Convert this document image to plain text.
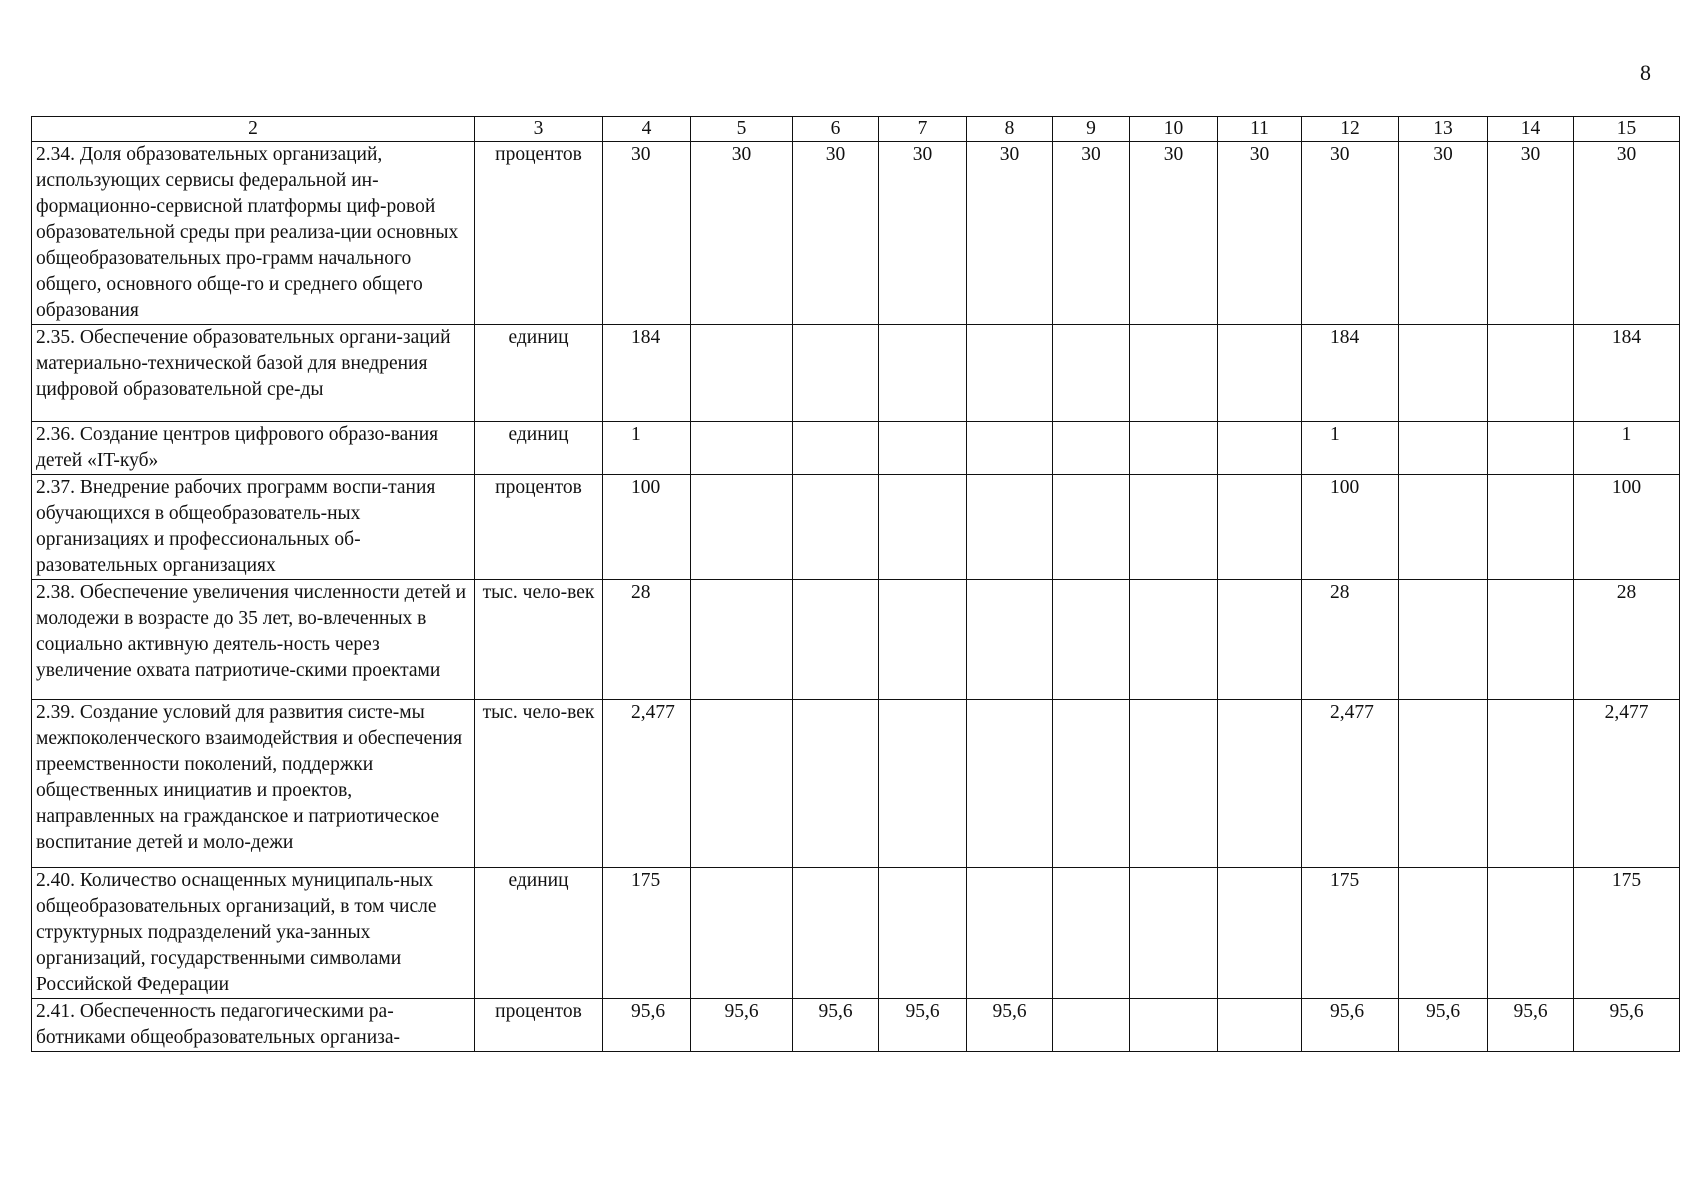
8
2	3	4	5	6	7	8	9	10	11	12	13	14	15
2.34. Доля образовательных организаций, использующих сервисы федеральной ин-формационно-сервисной платформы циф-ровой образовательной среды при реализа-ции основных общеобразовательных про-грамм начального общего, основного обще-го и среднего общего образования	процентов	30	30	30	30	30	30	30	30	30	30	30	30
2.35. Обеспечение образовательных органи-заций материально-технической базой для внедрения цифровой образовательной сре-ды	единиц	184								184			184
2.36. Создание центров цифрового образо-вания детей «IT-куб»	единиц	1								1			1
2.37. Внедрение рабочих программ воспи-тания обучающихся в общеобразователь-ных организациях и профессиональных об-разовательных организациях	процентов	100								100			100
2.38. Обеспечение увеличения численности детей и молодежи в возрасте до 35 лет, во-влеченных в социально активную деятель-ность через увеличение охвата патриотиче-скими проектами	тыс. чело-век	28								28			28
2.39. Создание условий для развития систе-мы межпоколенческого взаимодействия и обеспечения преемственности поколений, поддержки общественных инициатив и проектов, направленных на гражданское и патриотическое воспитание детей и моло-дежи	тыс. чело-век	2,477								2,477			2,477
2.40. Количество оснащенных муниципаль-ных общеобразовательных организаций, в том числе структурных подразделений ука-занных организаций, государственными символами Российской Федерации	единиц	175								175			175
2.41. Обеспеченность педагогическими ра-ботниками общеобразовательных организа-	процентов	95,6	95,6	95,6	95,6	95,6				95,6	95,6	95,6	95,6
